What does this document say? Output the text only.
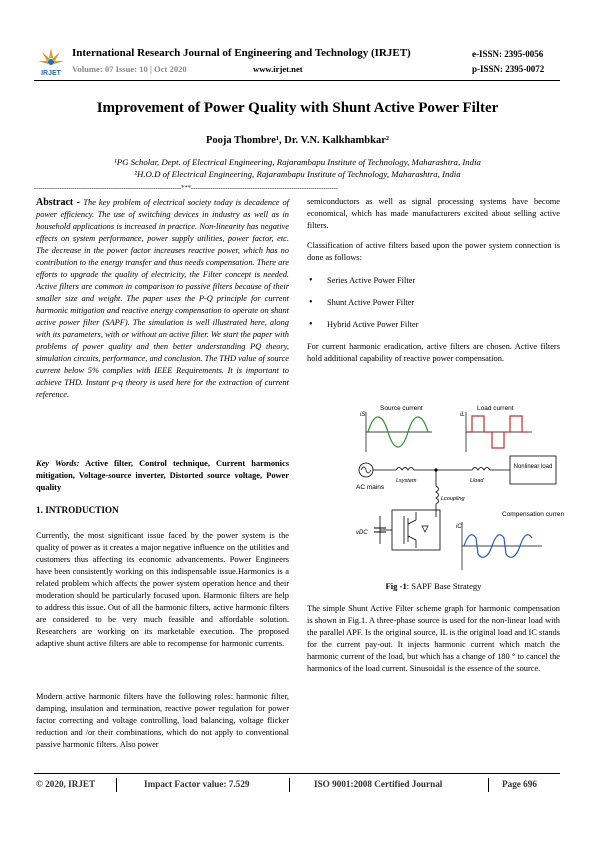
IRJET
International Research Journal of Engineering and Technology (IRJET)
Volume: 07 Issue: 10 | Oct 2020	www.irjet.net
e-ISSN: 2395-0056
p-ISSN: 2395-0072
Improvement of Power Quality with Shunt Active Power Filter
Pooja Thombre¹, Dr. V.N. Kalkhambkar²
¹PG Scholar, Dept. of Electrical Engineering, Rajarambapu Institute of Technology, Maharashtra, India
²H.O.D of Electrical Engineering, Rajarambapu Institute of Technology, Maharashtra, India
---------------------------------------------------------------------***---------------------------------------------------------------------
Abstract - The key problem of electrical society today is decadence of power efficiency. The use of switching devices in industry as well as in household applications is increased in practice. Non-linearity has negative effects on system performance, power supply utilities, power factor, etc. The decrease in the power factor increases reactive power, which has no contribution to the energy transfer and thus needs compensation. There are efforts to upgrade the quality of electricity, the Filter concept is needed. Active filters are common in comparison to passive filters because of their smaller size and weight. The paper uses the P-Q principle for current harmonic mitigation and reactive energy compensation to operate on shunt active power filter (SAPF). The simulation is well illustrated here, along with its parameters, with or without an active filter. We start the paper with problems of power quality and then better understanding PQ theory, simulation circuits, performance, and conclusion. The THD value of source current below 5% complies with IEEE Requirements. It is important to achieve THD. Instant p-q theory is used here for the extraction of current reference.
Key Words: Active filter, Control technique, Current harmonics mitigation, Voltage-source inverter, Distorted source voltage, Power quality
1. INTRODUCTION
Currently, the most significant issue faced by the power system is the quality of power as it creates a major negative influence on the utilities and customers thus affecting its economic advancements. Power Engineers have been consistently working on this indispensable issue.Harmonics is a related problem which affects the power system operation hence and their moderation should be particularly focused upon. Harmonic filters are help to address this issue. Out of all the harmonic filters, active harmonic filters are considered to be very much feasible and affordable solution. Researchers are working on its marketable execution. The proposed adaptive shunt active filters are able to recompense for harmonic currents.
Modern active harmonic filters have the following roles: harmonic filter, damping, insulation and termination, reactive power regulation for power factor correcting and voltage controlling, load balancing, voltage flicker reduction and /or their combinations, which do not apply to conventional passive harmonic filters. Also power
semiconductors as well as signal processing systems have become economical, which has made manufacturers excited about selling active filters.
Classification of active filters based upon the power system connection is done as follows:
• Series Active Power Filter
• Shunt Active Power Filter
• Hybrid Active Power Filter
For current harmonic eradication, active filters are chosen. Active filters hold additional capability of reactive power compensation.
iS
Source current
iL
Load current
AC mains
Lsystem	Lload
Nonlinear load
Lcoupling
vDC
iC
Compensation current
Fig -1: SAPF Base Strategy
The simple Shunt Active Filter scheme graph for harmonic compensation is shown in Fig.1. A three-phase source is used for the non-linear load with the parallel APF. Is the original source, IL is the original load and IC stands for the current pay-out. It injects harmonic current which match the harmonic current of the load, but which has a change of 180 ° to cancel the harmonics of the load current. Sinusoidal is the essence of the source.
© 2020, IRJET	Impact Factor value: 7.529	ISO 9001:2008 Certified Journal	Page 696
